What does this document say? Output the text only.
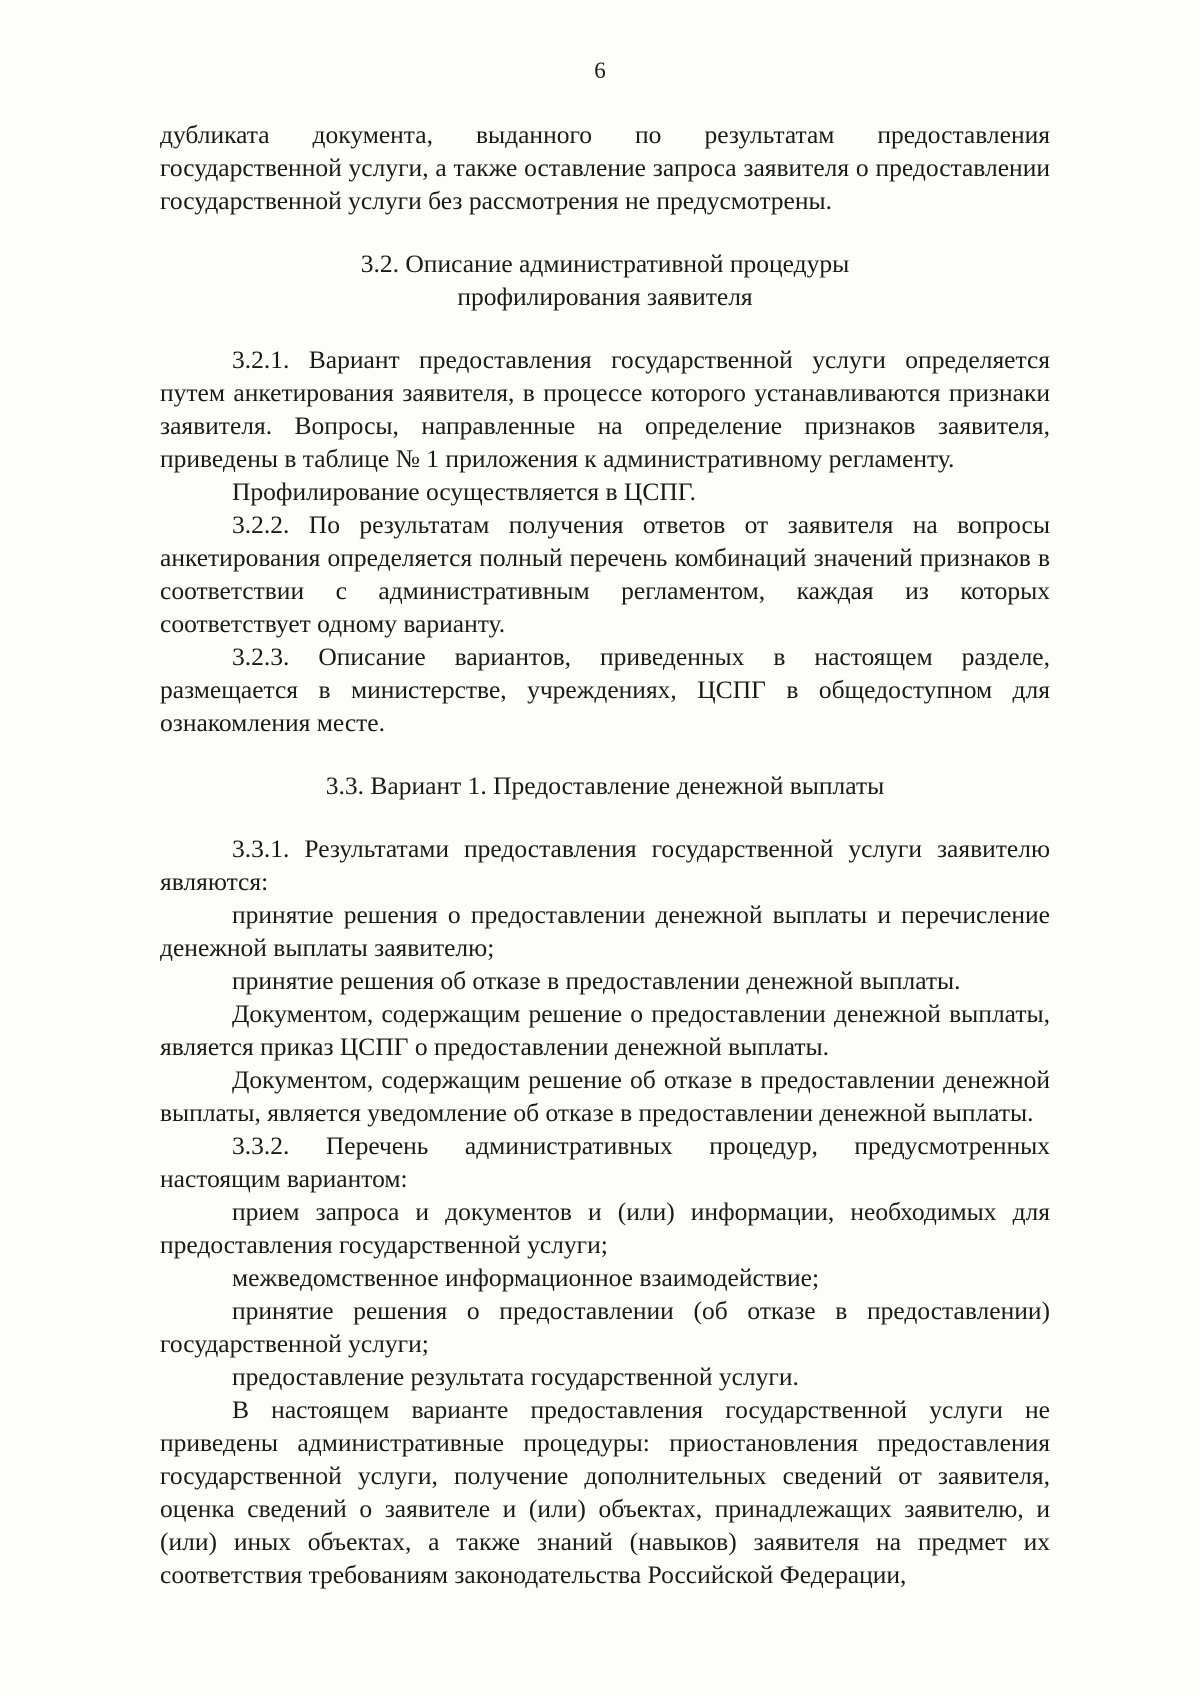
6

дубликата документа, выданного по результатам предоставления государственной услуги, а также оставление запроса заявителя о предоставлении государственной услуги без рассмотрения не предусмотрены.

3.2. Описание административной процедуры

профилирования заявителя

3.2.1. Вариант предоставления государственной услуги определяется путем анкетирования заявителя, в процессе которого устанавливаются признаки заявителя. Вопросы, направленные на определение признаков заявителя, приведены в таблице № 1 приложения к административному регламенту.

Профилирование осуществляется в ЦСПГ.

3.2.2. По результатам получения ответов от заявителя на вопросы анкетирования определяется полный перечень комбинаций значений признаков в соответствии с административным регламентом, каждая из которых соответствует одному варианту.

3.2.3. Описание вариантов, приведенных в настоящем разделе, размещается в министерстве, учреждениях, ЦСПГ в общедоступном для ознакомления месте.

3.3. Вариант 1. Предоставление денежной выплаты

3.3.1. Результатами предоставления государственной услуги заявителю являются:

принятие решения о предоставлении денежной выплаты и перечисление денежной выплаты заявителю;

принятие решения об отказе в предоставлении денежной выплаты.

Документом, содержащим решение о предоставлении денежной выплаты, является приказ ЦСПГ о предоставлении денежной выплаты.

Документом, содержащим решение об отказе в предоставлении денежной выплаты, является уведомление об отказе в предоставлении денежной выплаты.

3.3.2. Перечень административных процедур, предусмотренных настоящим вариантом:

прием запроса и документов и (или) информации, необходимых для предоставления государственной услуги;

межведомственное информационное взаимодействие;

принятие решения о предоставлении (об отказе в предоставлении) государственной услуги;

предоставление результата государственной услуги.

В настоящем варианте предоставления государственной услуги не приведены административные процедуры: приостановления предоставления государственной услуги, получение дополнительных сведений от заявителя, оценка сведений о заявителе и (или) объектах, принадлежащих заявителю, и (или) иных объектах, а также знаний (навыков) заявителя на предмет их соответствия требованиям законодательства Российской Федерации,
